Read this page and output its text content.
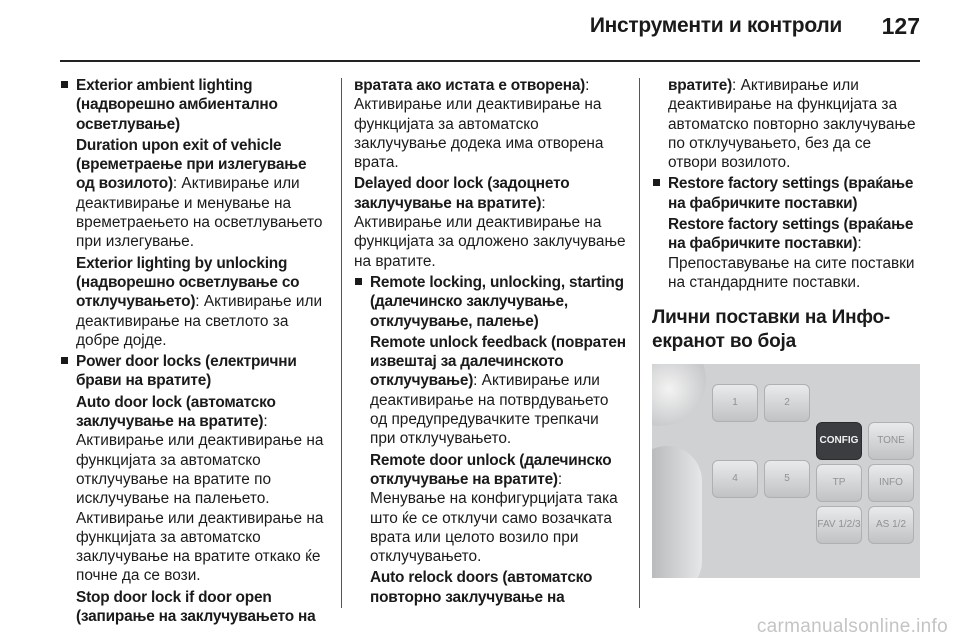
Инструменти и контроли 127
Exterior ambient lighting (надворешно амбиентално осветлување)
Duration upon exit of vehicle (времетраење при излегување од возилото): Активирање или деактивирање и менување на времетраењето на осветлувањето при излегување.
Exterior lighting by unlocking (надворешно осветлување со отклучувањето): Активирање или деактивирање на светлото за добре дојде.
Power door locks (електрични брави на вратите)
Auto door lock (автоматско заклучување на вратите): Активирање или деактивирање на функцијата за автоматско отклучување на вратите по исклучување на палењето. Активирање или деактивирање на функцијата за автоматско заклучување на вратите откако ќе почне да се вози.
Stop door lock if door open (запирање на заклучувањето на
вратата ако истата е отворена): Активирање или деактивирање на функцијата за автоматско заклучување додека има отворена врата.
Delayed door lock (задоцнето заклучување на вратите): Активирање или деактивирање на функцијата за одложено заклучување на вратите.
Remote locking, unlocking, starting (далечинско заклучување, отклучување, палење)
Remote unlock feedback (повратен извештај за далечинското отклучување): Активирање или деактивирање на потврдувањето од предупредувачките трепкачи при отклучувањето.
Remote door unlock (далечинско отклучување на вратите): Менување на конфигурцијата така што ќе се отклучи само возачката врата или целото возило при отклучувањето.
Auto relock doors (автоматско повторно заклучување на
вратите): Активирање или деактивирање на функцијата за автоматско повторно заклучување по отклучувањето, без да се отвори возилото.
Restore factory settings (враќање на фабричките поставки)
Restore factory settings (враќање на фабричките поставки): Препоставување на сите поставки на стандардните поставки.
Лични поставки на Инфо-екранот во боја
1	2
CONFIG	TONE
4	5	TP	INFO
FAV 1/2/3	AS 1/2
carmanualsonline.info
